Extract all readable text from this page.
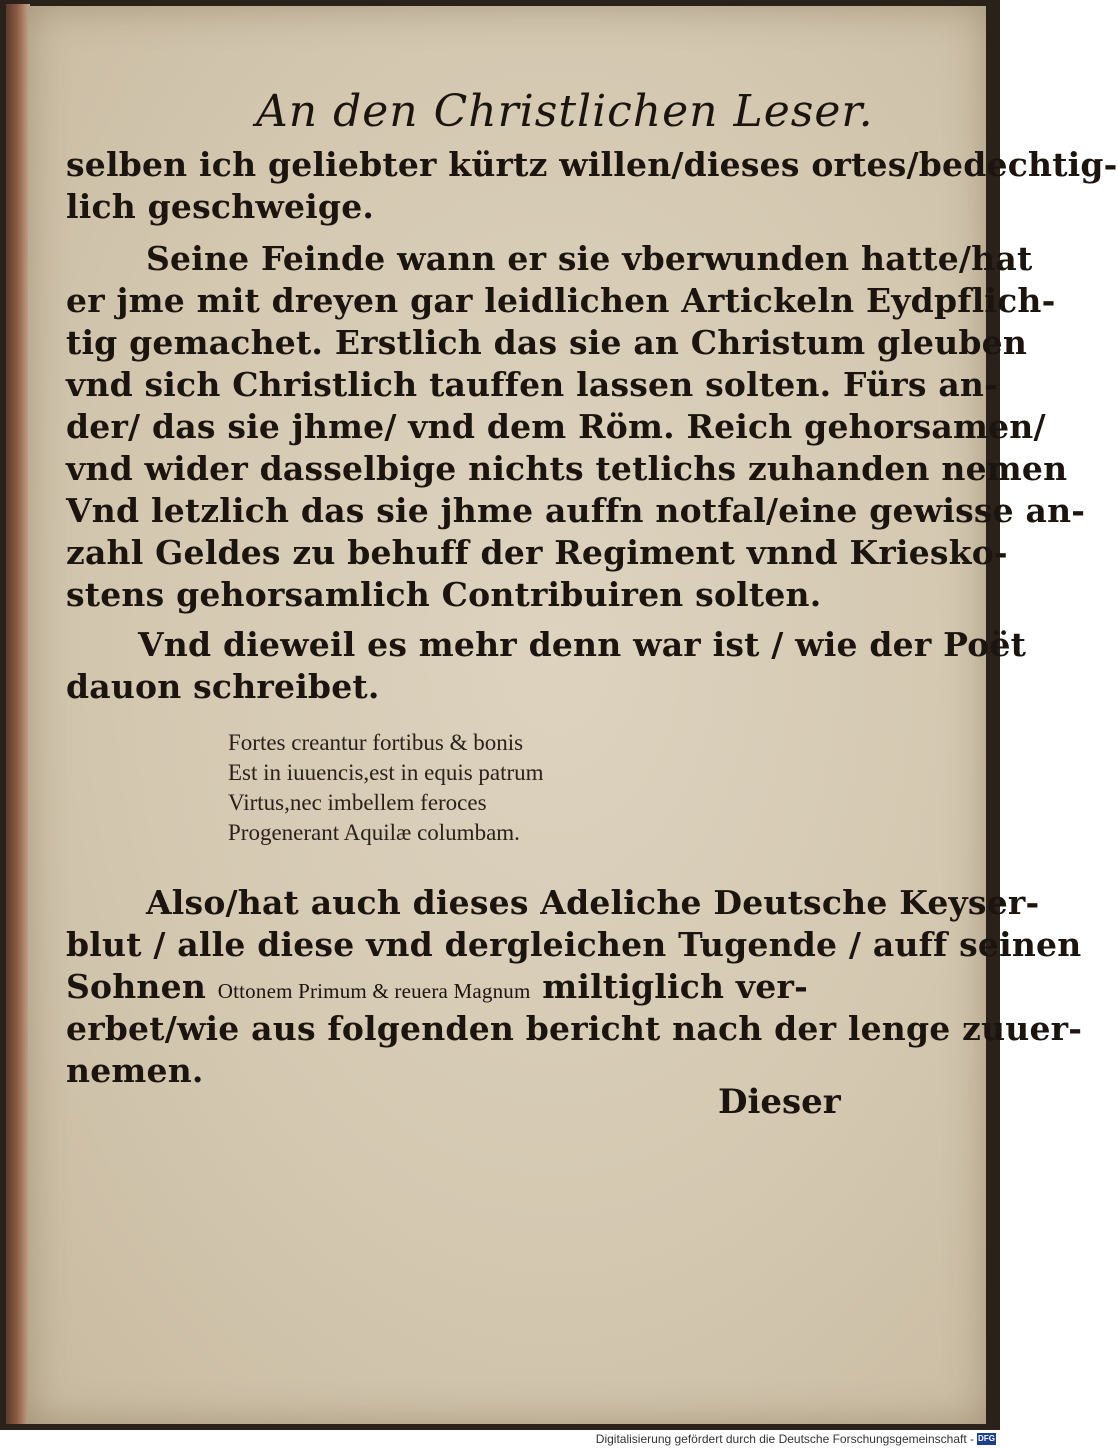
An den Christlichen Leser.
selben ich geliebter kürtz willen/dieses ortes/bedechtig-
lich geschweige.
Seine Feinde wann er sie vberwunden hatte/hat
er jme mit dreyen gar leidlichen Artickeln Eydpflich-
tig gemachet. Erstlich das sie an Christum gleuben
vnd sich Christlich tauffen lassen solten. Fürs an-
der/ das sie jhme/ vnd dem Röm. Reich gehorsamen/
vnd wider dasselbige nichts tetlichs zuhanden nemen
Vnd letzlich das sie jhme auffn notfal/eine gewisse an-
zahl Geldes zu behuff der Regiment vnnd Kriesko-
stens gehorsamlich Contribuiren solten.
Vnd dieweil es mehr denn war ist / wie der Poët
dauon schreibet.
Fortes creantur fortibus & bonis
Est in iuuencis,est in equis patrum
Virtus,nec imbellem feroces
Progenerant Aquilæ columbam.
Also/hat auch dieses Adeliche Deutsche Keyser-
blut / alle diese vnd dergleichen Tugende / auff seinen
Sohnen Ottonem Primum & reuera Magnum miltiglich ver-
erbet/wie aus folgenden bericht nach der lenge zuuer-
nemen.
Dieser
Digitalisierung gefördert durch die Deutsche Forschungsgemeinschaft - DFG
